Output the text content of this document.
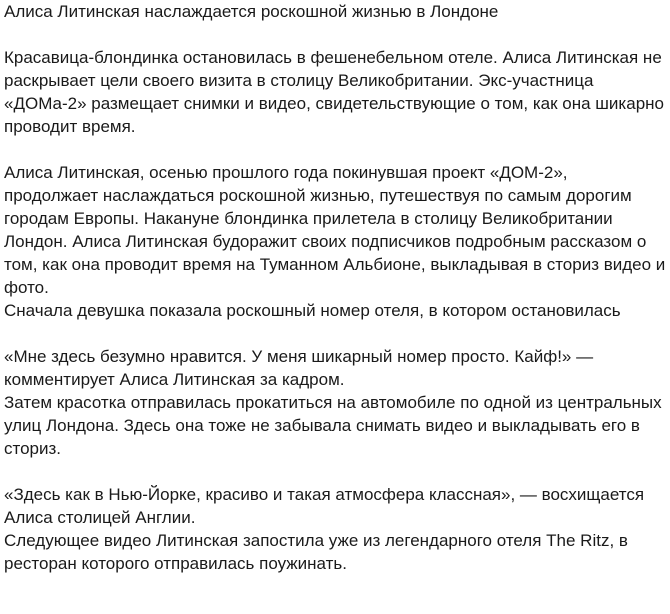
Алиса Литинская наслаждается роскошной жизнью в Лондоне

Красавица-блондинка остановилась в фешенебельном отеле. Алиса Литинская не раскрывает цели своего визита в столицу Великобритании. Экс-участница «ДОМа-2» размещает снимки и видео, свидетельствующие о том, как она шикарно проводит время.

Алиса Литинская, осенью прошлого года покинувшая проект «ДОМ-2», продолжает наслаждаться роскошной жизнью, путешествуя по самым дорогим городам Европы. Накануне блондинка прилетела в столицу Великобритании Лондон. Алиса Литинская будоражит своих подписчиков подробным рассказом о том, как она проводит время на Туманном Альбионе, выкладывая в сториз видео и фото.

Сначала девушка показала роскошный номер отеля, в котором остановилась

«Мне здесь безумно нравится. У меня шикарный номер просто. Кайф!» — комментирует Алиса Литинская за кадром.

Затем красотка отправилась прокатиться на автомобиле по одной из центральных улиц Лондона. Здесь она тоже не забывала снимать видео и выкладывать его в сториз.

«Здесь как в Нью-Йорке, красиво и такая атмосфера классная», — восхищается Алиса столицей Англии.

Следующее видео Литинская запостила уже из легендарного отеля The Ritz, в ресторан которого отправилась поужинать.
